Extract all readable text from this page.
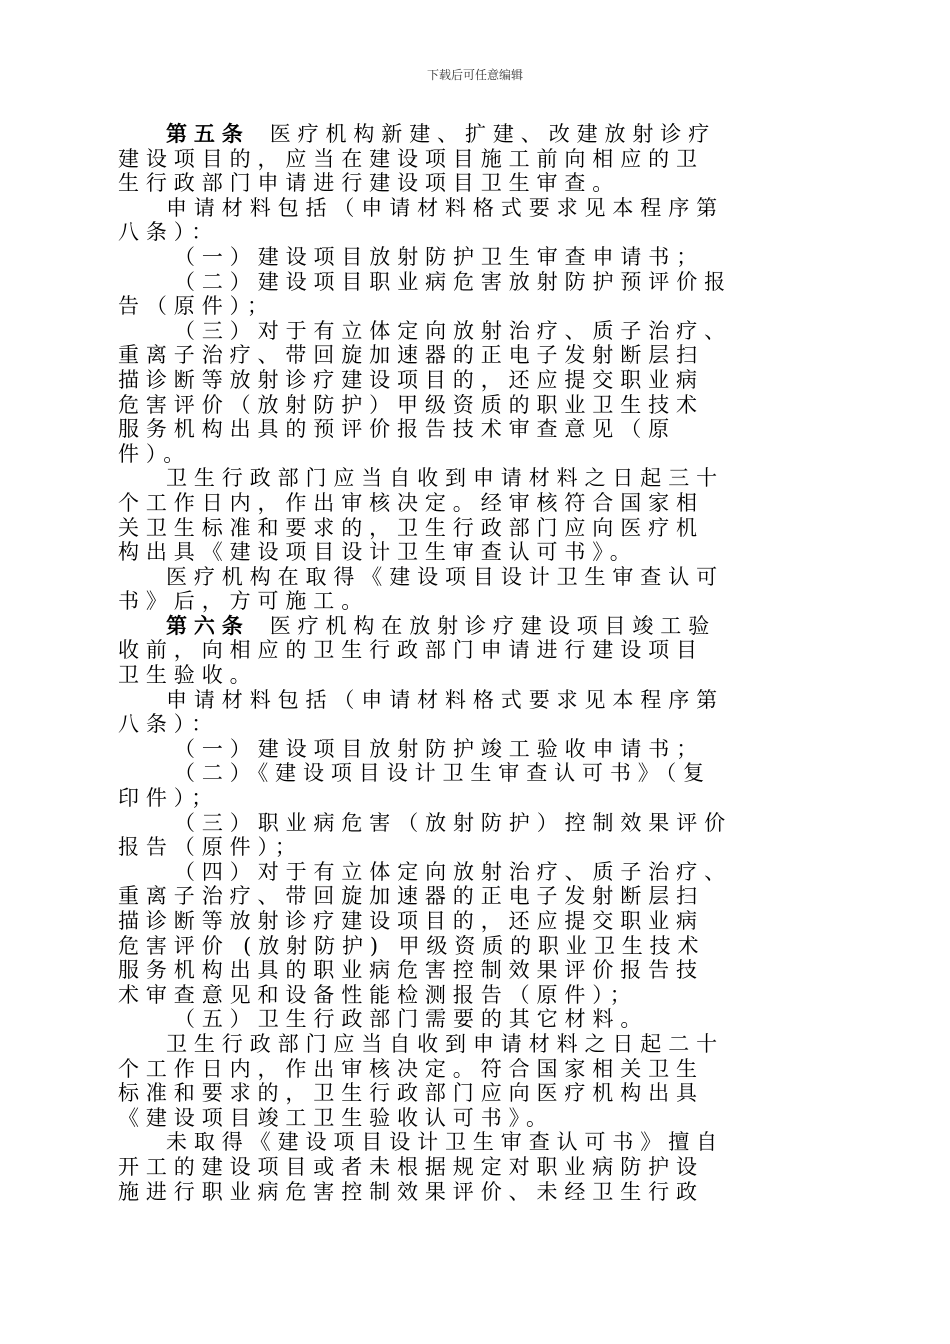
下载后可任意编辑
第五条 医疗机构新建、扩建、改建放射诊疗
建设项目的，应当在建设项目施工前向相应的卫
生行政部门申请进行建设项目卫生审查。
申请材料包括（申请材料格式要求见本程序第
八条）：
（一）建设项目放射防护卫生审查申请书；
（二）建设项目职业病危害放射防护预评价报
告（原件）；
（三）对于有立体定向放射治疗、质子治疗、
重离子治疗、带回旋加速器的正电子发射断层扫
描诊断等放射诊疗建设项目的，还应提交职业病
危害评价（放射防护）甲级资质的职业卫生技术
服务机构出具的预评价报告技术审查意见（原
件）。
卫生行政部门应当自收到申请材料之日起三十
个工作日内，作出审核决定。经审核符合国家相
关卫生标准和要求的，卫生行政部门应向医疗机
构出具《建设项目设计卫生审查认可书》。
医疗机构在取得《建设项目设计卫生审查认可
书》后，方可施工。
第六条 医疗机构在放射诊疗建设项目竣工验
收前，向相应的卫生行政部门申请进行建设项目
卫生验收。
申请材料包括（申请材料格式要求见本程序第
八条）：
（一）建设项目放射防护竣工验收申请书；
（二）《建设项目设计卫生审查认可书》（复
印件）；
（三）职业病危害（放射防护）控制效果评价
报告（原件）；
（四）对于有立体定向放射治疗、质子治疗、
重离子治疗、带回旋加速器的正电子发射断层扫
描诊断等放射诊疗建设项目的，还应提交职业病
危害评价 (放射防护) 甲级资质的职业卫生技术
服务机构出具的职业病危害控制效果评价报告技
术审查意见和设备性能检测报告（原件）；
（五）卫生行政部门需要的其它材料。
卫生行政部门应当自收到申请材料之日起二十
个工作日内，作出审核决定。符合国家相关卫生
标准和要求的，卫生行政部门应向医疗机构出具
《建设项目竣工卫生验收认可书》。
未取得《建设项目设计卫生审查认可书》擅自
开工的建设项目或者未根据规定对职业病防护设
施进行职业病危害控制效果评价、未经卫生行政
